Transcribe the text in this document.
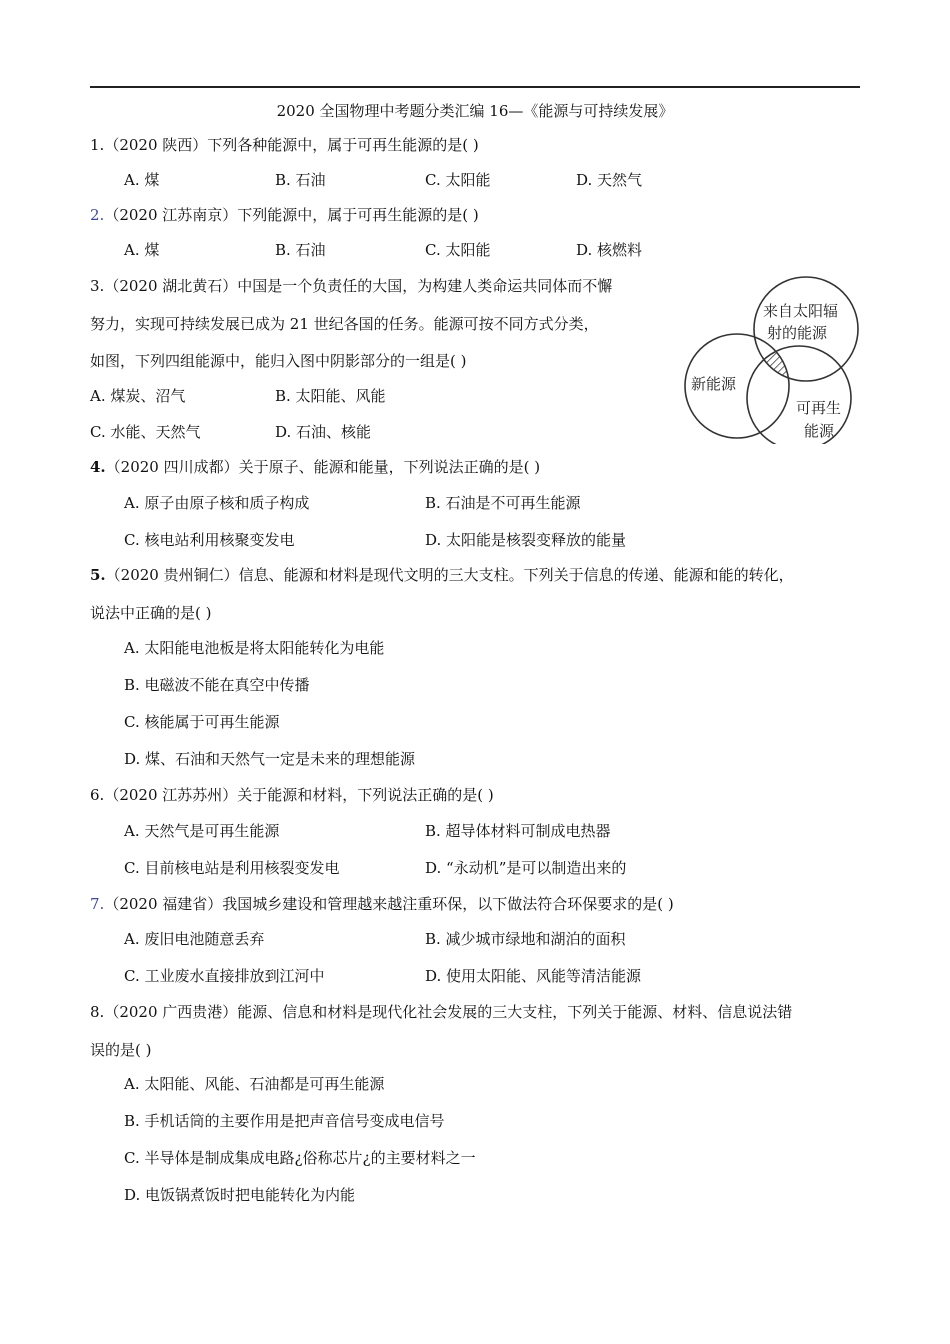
2020 全国物理中考题分类汇编 16—《能源与可持续发展》
1.（2020 陕西）下列各种能源中，属于可再生能源的是( )
A. 煤	B. 石油	C. 太阳能	D. 天然气
2.（2020 江苏南京）下列能源中，属于可再生能源的是( )
A. 煤	B. 石油	C. 太阳能	D. 核燃料
3.（2020 湖北黄石）中国是一个负责任的大国，为构建人类命运共同体而不懈
努力，实现可持续发展已成为 21 世纪各国的任务。能源可按不同方式分类，
如图，下列四组能源中，能归入图中阴影部分的一组是( )
A. 煤炭、沼气	B. 太阳能、风能
C. 水能、天然气	D. 石油、核能
来自太阳辐
射的能源
新能源
可再生
能源
4.（2020 四川成都）关于原子、能源和能量，下列说法正确的是( )
A. 原子由原子核和质子构成	B. 石油是不可再生能源
C. 核电站利用核聚变发电	D. 太阳能是核裂变释放的能量
5.（2020 贵州铜仁）信息、能源和材料是现代文明的三大支柱。下列关于信息的传递、能源和能的转化，
说法中正确的是( )
A. 太阳能电池板是将太阳能转化为电能
B. 电磁波不能在真空中传播
C. 核能属于可再生能源
D. 煤、石油和天然气一定是未来的理想能源
6.（2020 江苏苏州）关于能源和材料，下列说法正确的是( )
A. 天然气是可再生能源	B. 超导体材料可制成电热器
C. 目前核电站是利用核裂变发电	D. “永动机”是可以制造出来的
7.（2020 福建省）我国城乡建设和管理越来越注重环保，以下做法符合环保要求的是( )
A. 废旧电池随意丢弃	B. 减少城市绿地和湖泊的面积
C. 工业废水直接排放到江河中	D. 使用太阳能、风能等清洁能源
8.（2020 广西贵港）能源、信息和材料是现代化社会发展的三大支柱，下列关于能源、材料、信息说法错
误的是( )
A. 太阳能、风能、石油都是可再生能源
B. 手机话筒的主要作用是把声音信号变成电信号
C. 半导体是制成集成电路¿俗称芯片¿的主要材料之一
D. 电饭锅煮饭时把电能转化为内能
